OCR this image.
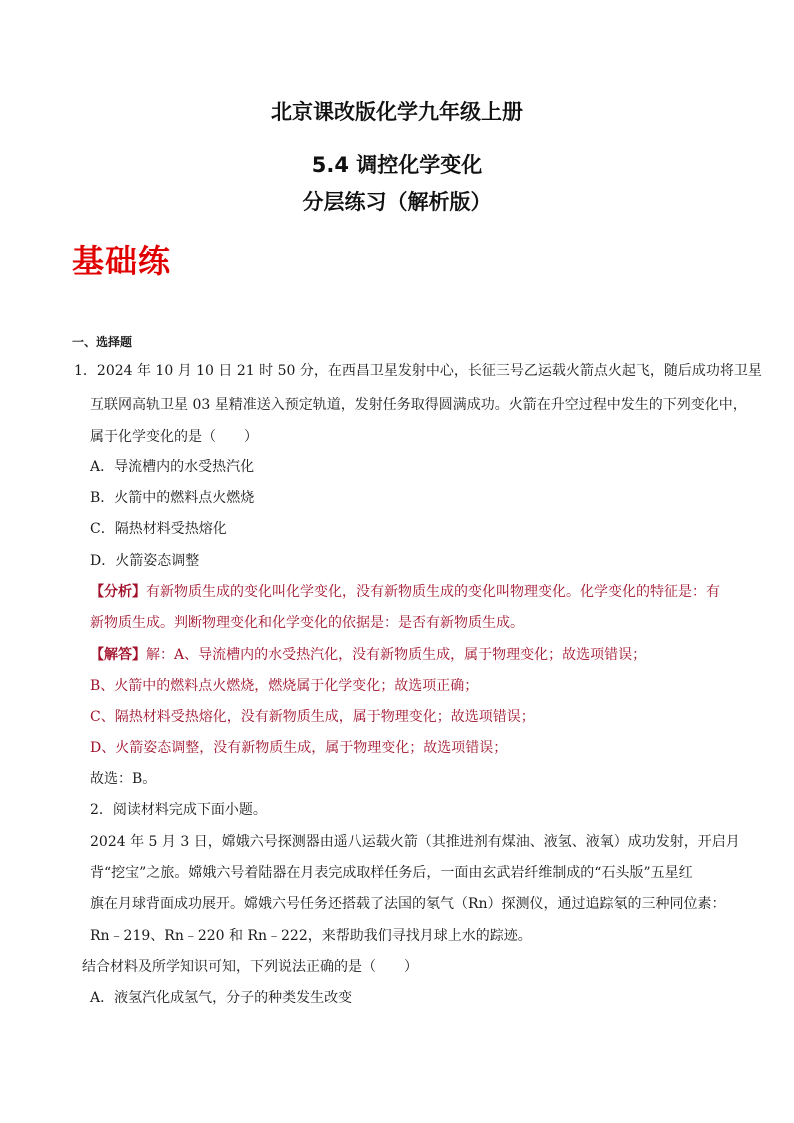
北京课改版化学九年级上册
5.4 调控化学变化
分层练习（解析版）
基础练
一、选择题
1．2024 年 10 月 10 日 21 时 50 分，在西昌卫星发射中心，长征三号乙运载火箭点火起飞，随后成功将卫星
互联网高轨卫星 03 星精准送入预定轨道，发射任务取得圆满成功。火箭在升空过程中发生的下列变化中，
属于化学变化的是（　　）
A．导流槽内的水受热汽化
B．火箭中的燃料点火燃烧
C．隔热材料受热熔化
D．火箭姿态调整
【分析】有新物质生成的变化叫化学变化，没有新物质生成的变化叫物理变化。化学变化的特征是：有
新物质生成。判断物理变化和化学变化的依据是：是否有新物质生成。
【解答】解：A、导流槽内的水受热汽化，没有新物质生成，属于物理变化；故选项错误；
B、火箭中的燃料点火燃烧，燃烧属于化学变化；故选项正确；
C、隔热材料受热熔化，没有新物质生成，属于物理变化；故选项错误；
D、火箭姿态调整，没有新物质生成，属于物理变化；故选项错误；
故选：B。
2．阅读材料完成下面小题。
2024 年 5 月 3 日，嫦娥六号探测器由遥八运载火箭（其推进剂有煤油、液氢、液氧）成功发射，开启月
背“挖宝”之旅。嫦娥六号着陆器在月表完成取样任务后，一面由玄武岩纤维制成的“石头版”五星红
旗在月球背面成功展开。嫦娥六号任务还搭载了法国的氡气（Rn）探测仪，通过追踪氡的三种同位素：
Rn﹣219、Rn﹣220 和 Rn﹣222，来帮助我们寻找月球上水的踪迹。
结合材料及所学知识可知，下列说法正确的是（　　）
A．液氢汽化成氢气，分子的种类发生改变
